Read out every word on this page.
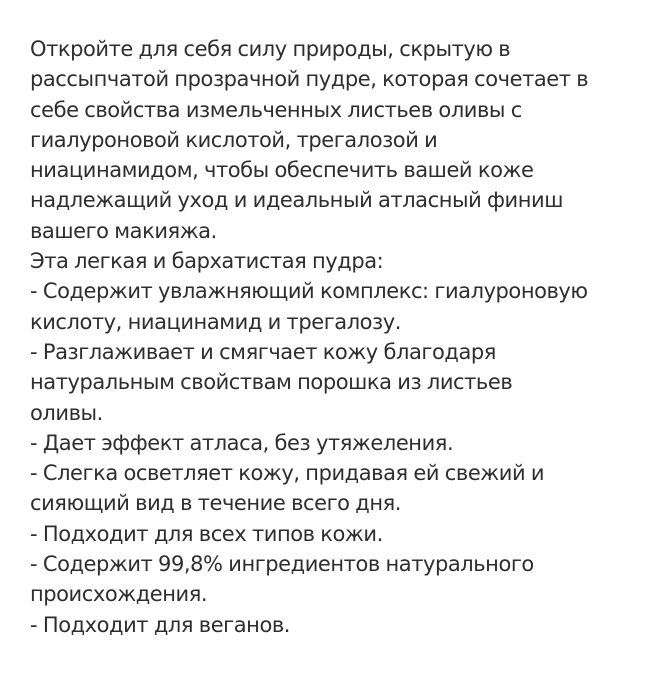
Откройте для себя силу природы, скрытую в
рассыпчатой прозрачной пудре, которая сочетает в
себе свойства измельченных листьев оливы с
гиалуроновой кислотой, трегалозой и
ниацинамидом, чтобы обеспечить вашей коже
надлежащий уход и идеальный атласный финиш
вашего макияжа.
Эта легкая и бархатистая пудра:
- Содержит увлажняющий комплекс: гиалуроновую
кислоту, ниацинамид и трегалозу.
- Разглаживает и смягчает кожу благодаря
натуральным свойствам порошка из листьев
оливы.
- Дает эффект атласа, без утяжеления.
- Слегка осветляет кожу, придавая ей свежий и
сияющий вид в течение всего дня.
- Подходит для всех типов кожи.
- Содержит 99,8% ингредиентов натурального
происхождения.
- Подходит для веганов.
